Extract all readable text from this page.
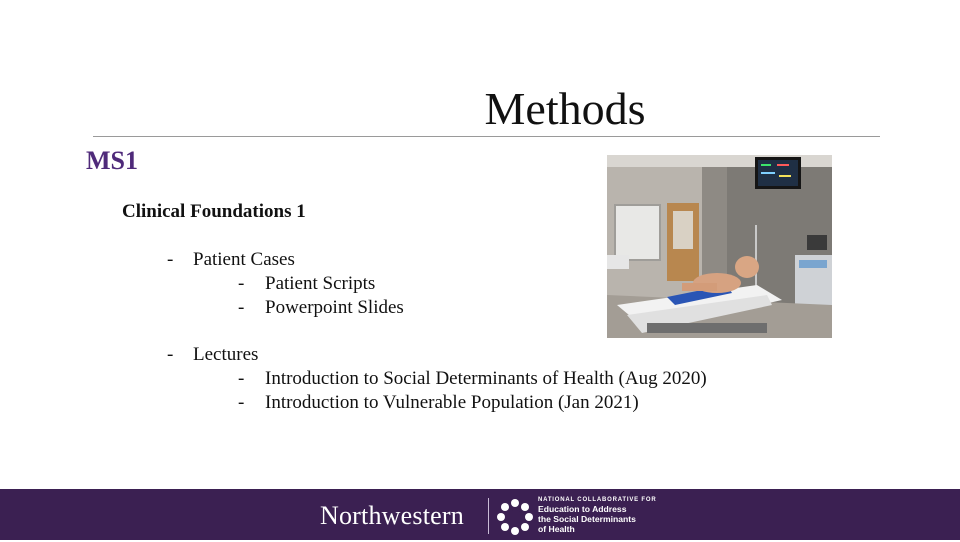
Methods
MS1
Clinical Foundations 1
- Patient Cases
- Patient Scripts
- Powerpoint Slides
- Lectures
- Introduction to Social Determinants of Health (Aug 2020)
- Introduction to Vulnerable Population (Jan 2021)
Northwestern
NATIONAL COLLABORATIVE FOR
Education to Address
the Social Determinants
of Health
